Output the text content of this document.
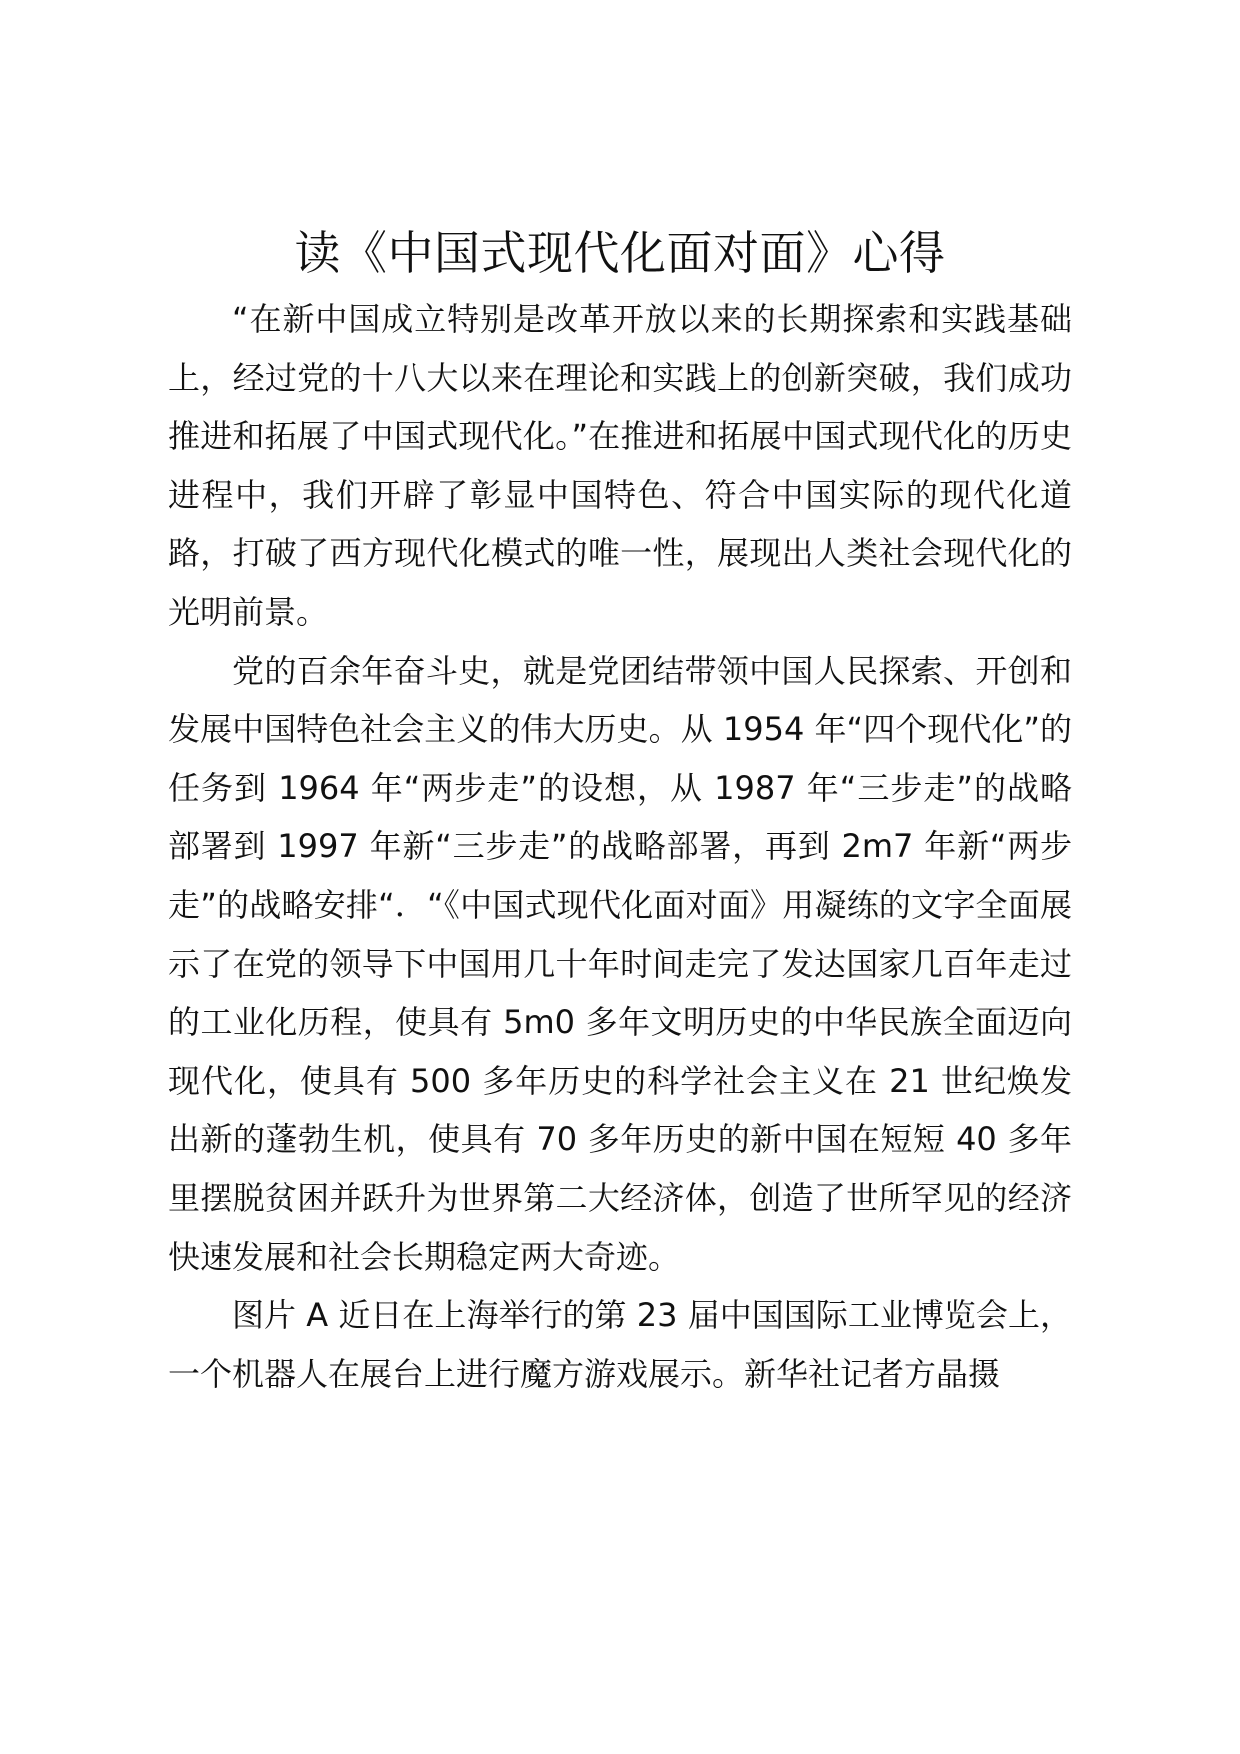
读《中国式现代化面对面》心得

“在新中国成立特别是改革开放以来的长期探索和实践基础上，经过党的十八大以来在理论和实践上的创新突破，我们成功推进和拓展了中国式现代化。”在推进和拓展中国式现代化的历史进程中，我们开辟了彰显中国特色、符合中国实际的现代化道路，打破了西方现代化模式的唯一性，展现出人类社会现代化的光明前景。

党的百余年奋斗史，就是党团结带领中国人民探索、开创和发展中国特色社会主义的伟大历史。从 1954 年“四个现代化”的任务到 1964 年“两步走”的设想，从 1987 年“三步走”的战略部署到 1997 年新“三步走”的战略部署，再到 2m7 年新“两步走”的战略安排“．“《中国式现代化面对面》用凝练的文字全面展示了在党的领导下中国用几十年时间走完了发达国家几百年走过的工业化历程，使具有 5m0 多年文明历史的中华民族全面迈向现代化，使具有 500 多年历史的科学社会主义在 21 世纪焕发出新的蓬勃生机，使具有 70 多年历史的新中国在短短 40 多年里摆脱贫困并跃升为世界第二大经济体，创造了世所罕见的经济快速发展和社会长期稳定两大奇迹。

图片 A 近日在上海举行的第 23 届中国国际工业博览会上，一个机器人在展台上进行魔方游戏展示。新华社记者方晶摄
